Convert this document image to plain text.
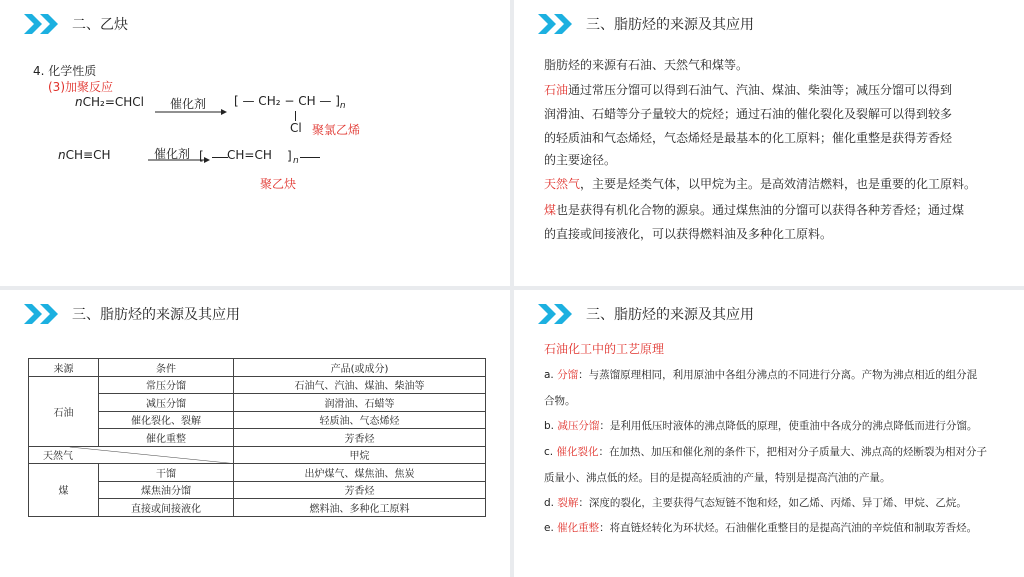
二、乙炔
4. 化学性质
(3)加聚反应
nCH₂=CHCl 催化剂 [ — CH₂ − CH — ]$_n$
Cl 聚氯乙烯
nCH≡CH	催化剂 [ CH=CH ] n
聚乙炔
三、脂肪烃的来源及其应用
脂肪烃的来源有石油、天然气和煤等。
石油通过常压分馏可以得到石油气、汽油、煤油、柴油等；减压分馏可以得到
润滑油、石蜡等分子量较大的烷烃；通过石油的催化裂化及裂解可以得到较多
的轻质油和气态烯烃，气态烯烃是最基本的化工原料；催化重整是获得芳香烃
的主要途径。
天然气，主要是烃类气体，以甲烷为主。是高效清洁燃料，也是重要的化工原料。
煤也是获得有机化合物的源泉。通过煤焦油的分馏可以获得各种芳香烃；通过煤
的直接或间接液化，可以获得燃料油及多种化工原料。
三、脂肪烃的来源及其应用
来源	条件	产品(或成分)
石油	常压分馏	石油气、汽油、煤油、柴油等
	减压分馏	润滑油、石蜡等
	催化裂化、裂解	轻质油、气态烯烃
	催化重整	芳香烃

天然气		甲烷
煤	干馏	出炉煤气、煤焦油、焦炭
	煤焦油分馏	芳香烃
	直接或间接液化	燃料油、多种化工原料
三、脂肪烃的来源及其应用
石油化工中的工艺原理
a. 分馏：与蒸馏原理相同，利用原油中各组分沸点的不同进行分离。产物为沸点相近的组分混
合物。
b. 减压分馏：是利用低压时液体的沸点降低的原理，使重油中各成分的沸点降低而进行分馏。
c. 催化裂化：在加热、加压和催化剂的条件下，把相对分子质量大、沸点高的烃断裂为相对分子
质量小、沸点低的烃。目的是提高轻质油的产量，特别是提高汽油的产量。
d. 裂解：深度的裂化，主要获得气态短链不饱和烃，如乙烯、丙烯、异丁烯、甲烷、乙烷。
e. 催化重整：将直链烃转化为环状烃。石油催化重整目的是提高汽油的辛烷值和制取芳香烃。
